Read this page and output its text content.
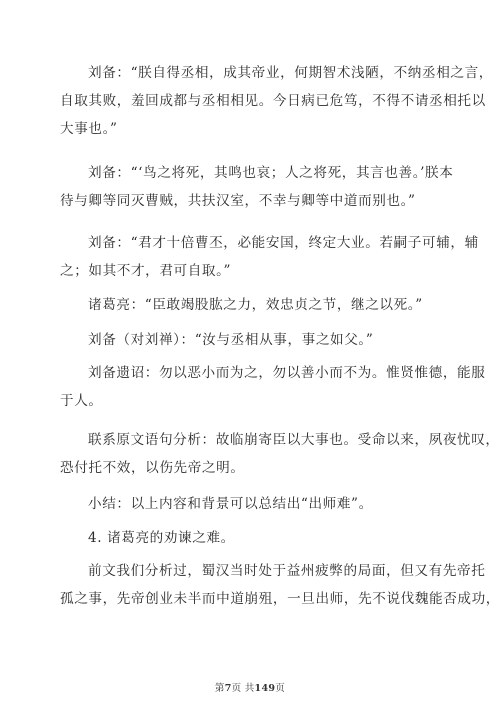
刘备：“朕自得丞相，成其帝业，何期智术浅陋，不纳丞相之言，
自取其败，羞回成都与丞相相见。今日病已危笃，不得不请丞相托以
大事也。”
刘备：“‘鸟之将死，其鸣也哀；人之将死，其言也善。’朕本
待与卿等同灭曹贼，共扶汉室，不幸与卿等中道而别也。”
刘备：“君才十倍曹丕，必能安国，终定大业。若嗣子可辅，辅
之；如其不才，君可自取。”
诸葛亮：“臣敢竭股肱之力，效忠贞之节，继之以死。”
刘备（对刘禅）：“汝与丞相从事，事之如父。”
刘备遗诏：勿以恶小而为之，勿以善小而不为。惟贤惟德，能服
于人。
联系原文语句分析：故临崩寄臣以大事也。受命以来，夙夜忧叹，
恐付托不效，以伤先帝之明。
小结：以上内容和背景可以总结出“出师难”。
4. 诸葛亮的劝谏之难。
前文我们分析过，蜀汉当时处于益州疲弊的局面，但又有先帝托
孤之事，先帝创业未半而中道崩殂，一旦出师，先不说伐魏能否成功，
第7页 共149页
